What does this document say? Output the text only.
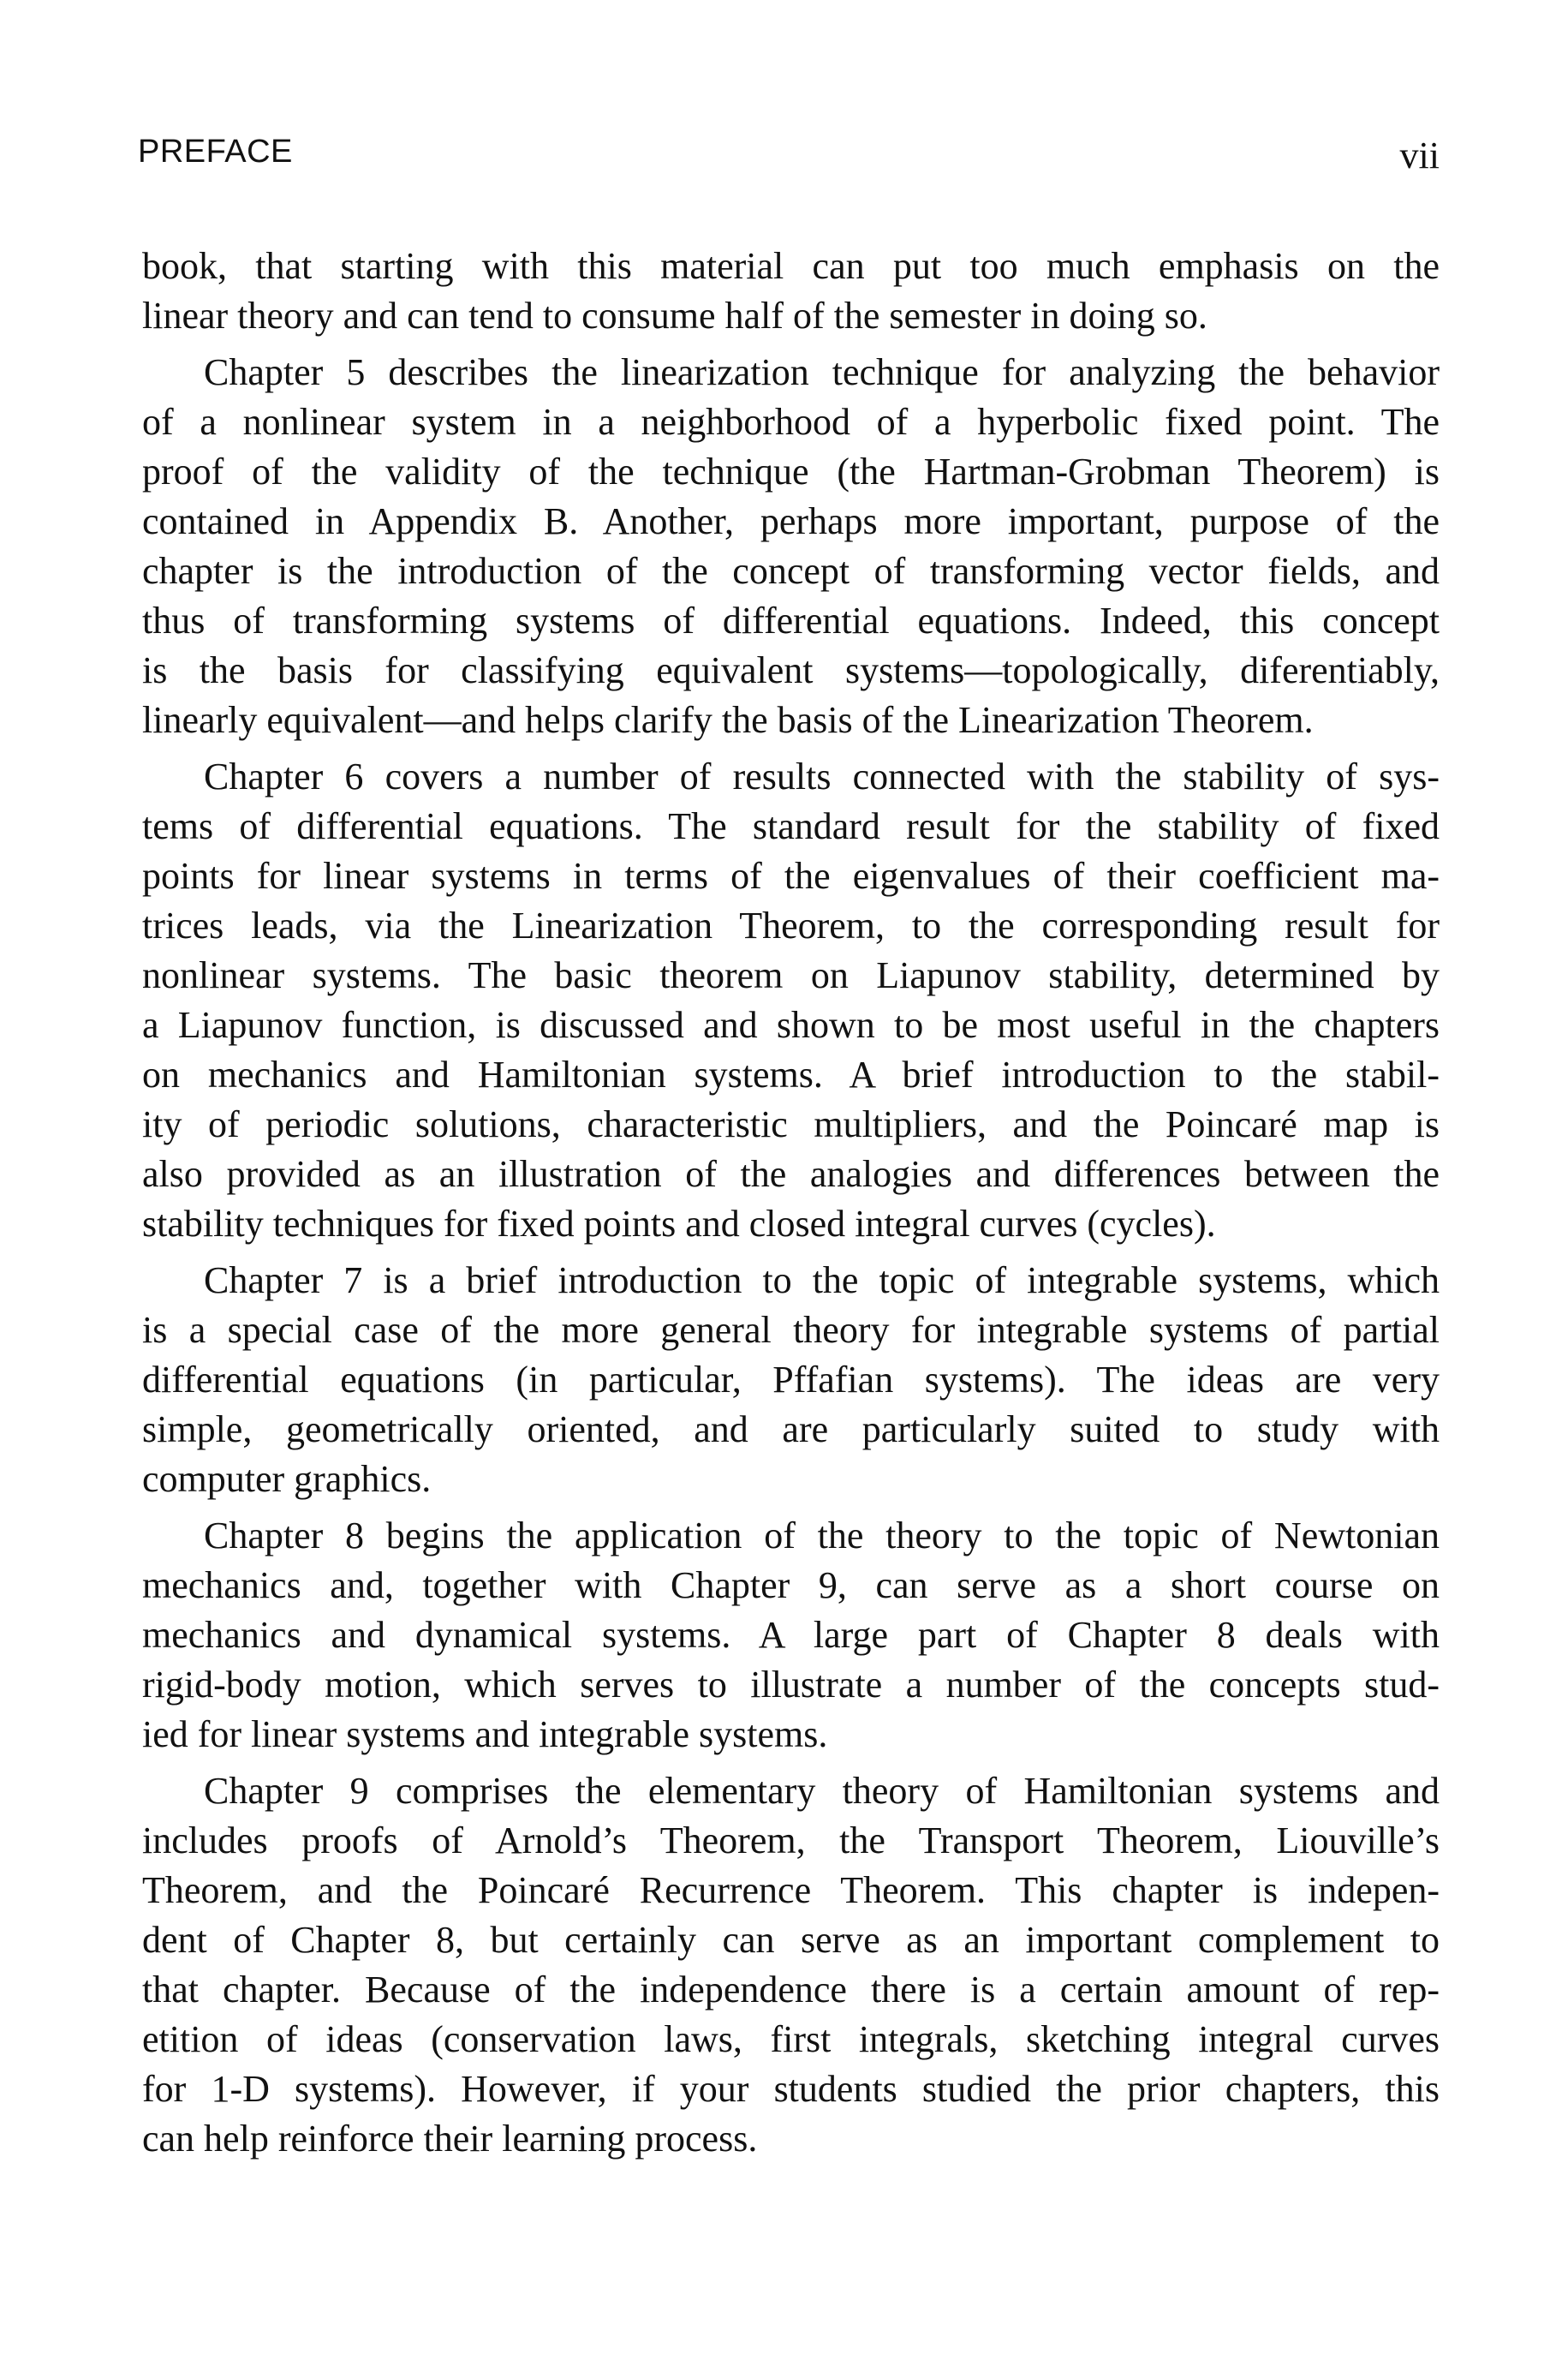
PREFACE	vii
book, that starting with this material can put too much emphasis on the
linear theory and can tend to consume half of the semester in doing so.
Chapter 5 describes the linearization technique for analyzing the behavior
of a nonlinear system in a neighborhood of a hyperbolic fixed point. The
proof of the validity of the technique (the Hartman-Grobman Theorem) is
contained in Appendix B. Another, perhaps more important, purpose of the
chapter is the introduction of the concept of transforming vector fields, and
thus of transforming systems of differential equations. Indeed, this concept
is the basis for classifying equivalent systems—topologically, diferentiably,
linearly equivalent—and helps clarify the basis of the Linearization Theorem.
Chapter 6 covers a number of results connected with the stability of sys-
tems of differential equations. The standard result for the stability of fixed
points for linear systems in terms of the eigenvalues of their coefficient ma-
trices leads, via the Linearization Theorem, to the corresponding result for
nonlinear systems. The basic theorem on Liapunov stability, determined by
a Liapunov function, is discussed and shown to be most useful in the chapters
on mechanics and Hamiltonian systems. A brief introduction to the stabil-
ity of periodic solutions, characteristic multipliers, and the Poincaré map is
also provided as an illustration of the analogies and differences between the
stability techniques for fixed points and closed integral curves (cycles).
Chapter 7 is a brief introduction to the topic of integrable systems, which
is a special case of the more general theory for integrable systems of partial
differential equations (in particular, Pffafian systems). The ideas are very
simple, geometrically oriented, and are particularly suited to study with
computer graphics.
Chapter 8 begins the application of the theory to the topic of Newtonian
mechanics and, together with Chapter 9, can serve as a short course on
mechanics and dynamical systems. A large part of Chapter 8 deals with
rigid-body motion, which serves to illustrate a number of the concepts stud-
ied for linear systems and integrable systems.
Chapter 9 comprises the elementary theory of Hamiltonian systems and
includes proofs of Arnold’s Theorem, the Transport Theorem, Liouville’s
Theorem, and the Poincaré Recurrence Theorem. This chapter is indepen-
dent of Chapter 8, but certainly can serve as an important complement to
that chapter. Because of the independence there is a certain amount of rep-
etition of ideas (conservation laws, first integrals, sketching integral curves
for 1-D systems). However, if your students studied the prior chapters, this
can help reinforce their learning process.
